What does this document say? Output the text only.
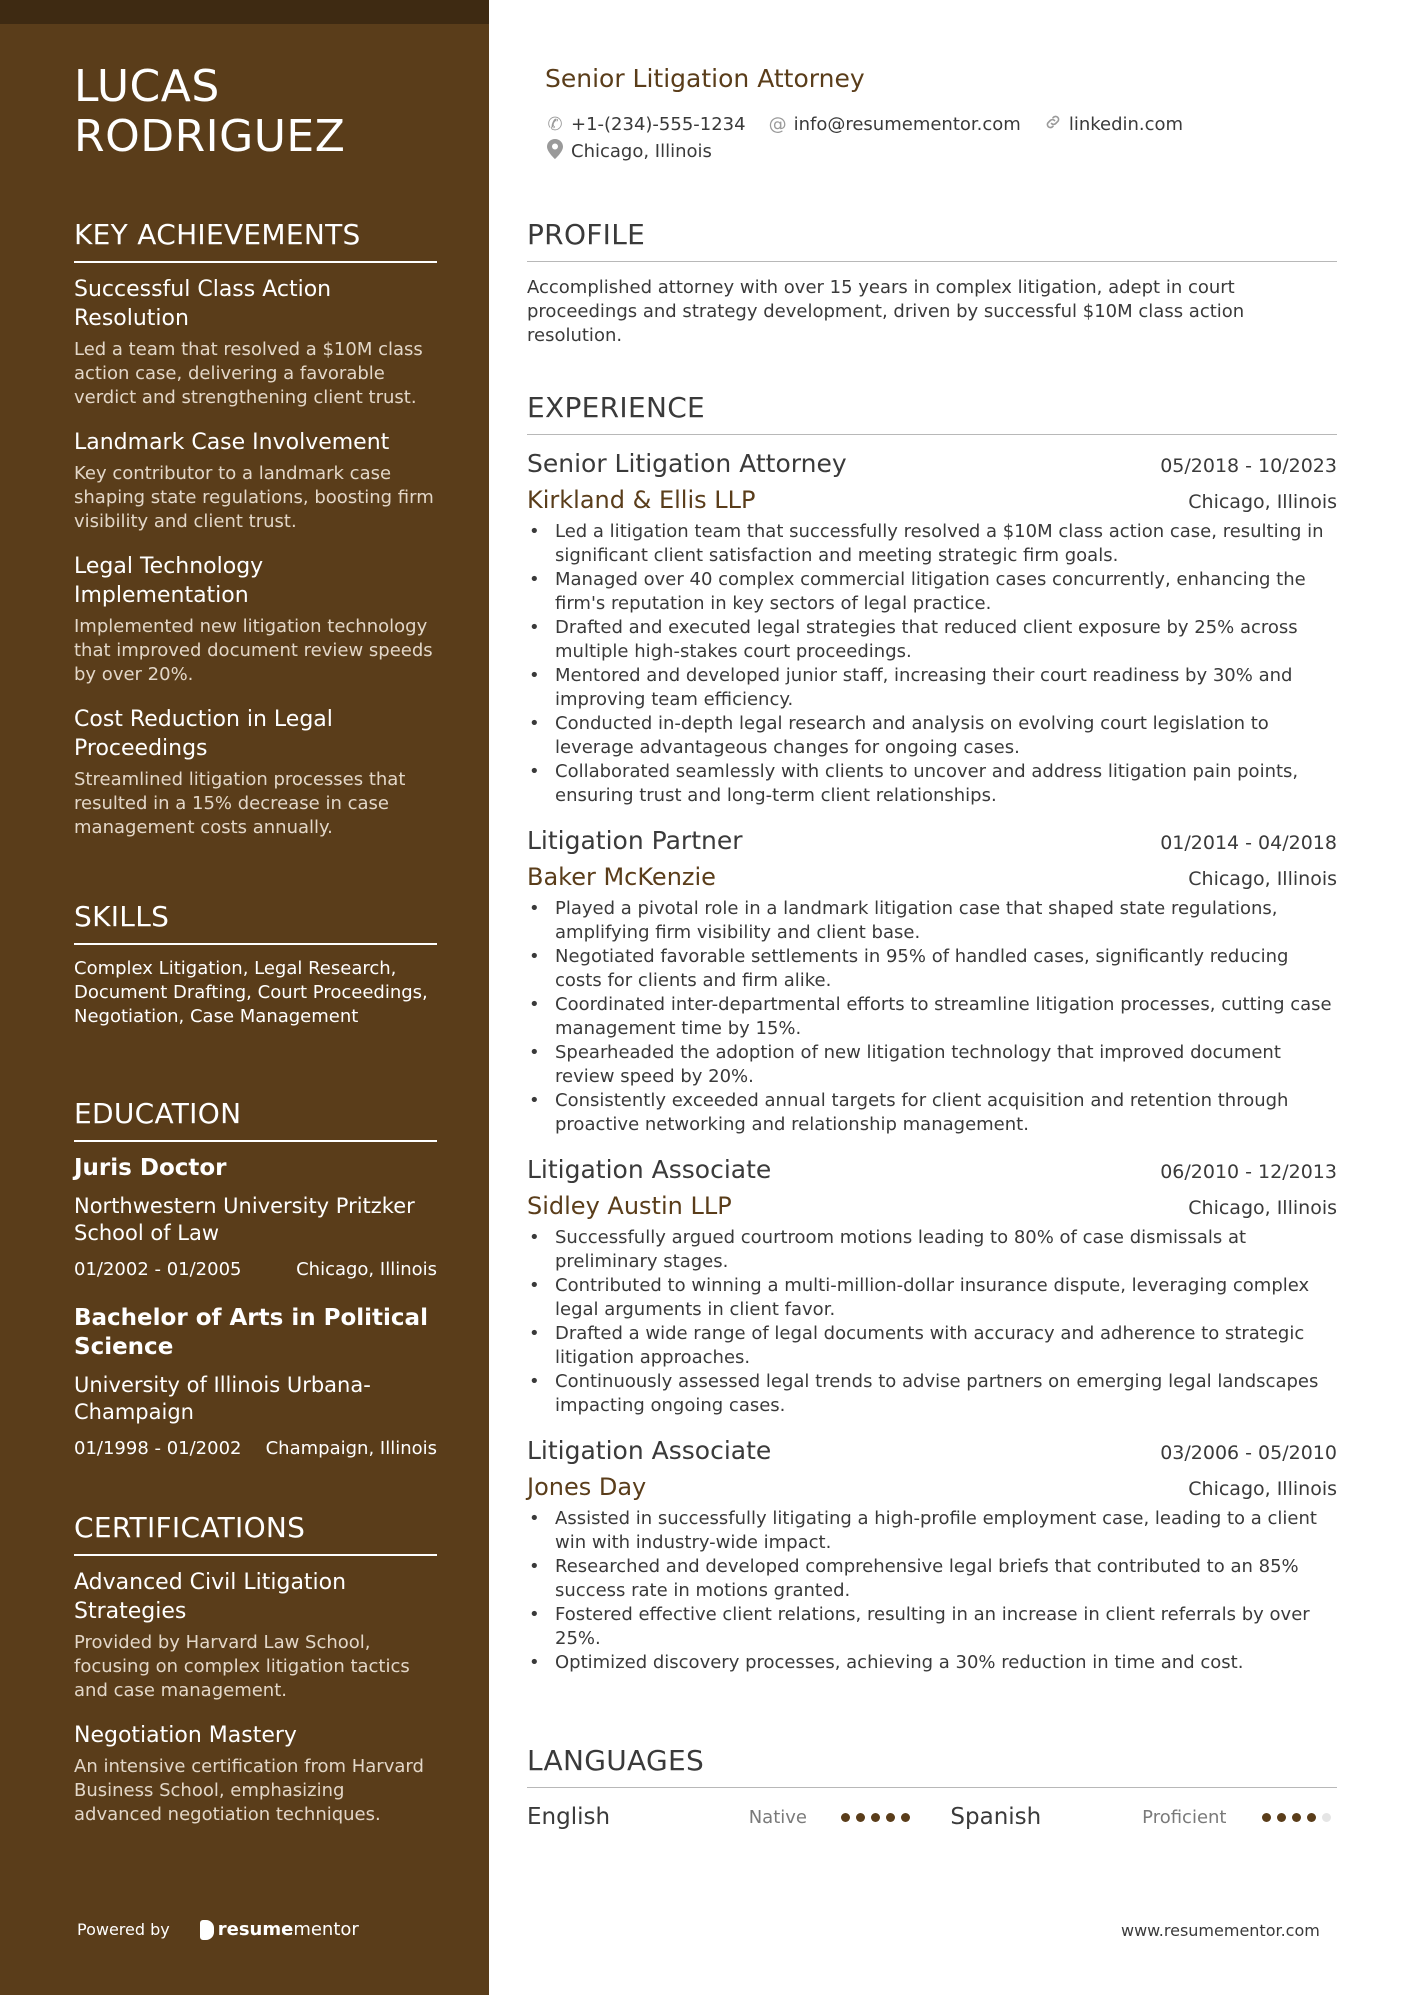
LUCAS
RODRIGUEZ
KEY ACHIEVEMENTS
Successful Class Action Resolution
Led a team that resolved a $10M class action case, delivering a favorable verdict and strengthening client trust.
Landmark Case Involvement
Key contributor to a landmark case shaping state regulations, boosting firm visibility and client trust.
Legal Technology Implementation
Implemented new litigation technology that improved document review speeds by over 20%.
Cost Reduction in Legal Proceedings
Streamlined litigation processes that resulted in a 15% decrease in case management costs annually.
SKILLS
Complex Litigation, Legal Research, Document Drafting, Court Proceedings, Negotiation, Case Management
EDUCATION
Juris Doctor
Northwestern University Pritzker School of Law
01/2002 - 01/2005	Chicago, Illinois
Bachelor of Arts in Political Science
University of Illinois Urbana-Champaign
01/1998 - 01/2002 Champaign, Illinois
CERTIFICATIONS
Advanced Civil Litigation Strategies
Provided by Harvard Law School, focusing on complex litigation tactics and case management.
Negotiation Mastery
An intensive certification from Harvard Business School, emphasizing advanced negotiation techniques.
Powered by	resume mentor
Senior Litigation Attorney
✆ +1-(234)-555-1234 @ info@resumementor.com	linkedin.com
Chicago, Illinois
PROFILE
Accomplished attorney with over 15 years in complex litigation, adept in court proceedings and strategy development, driven by successful $10M class action resolution.
EXPERIENCE
Senior Litigation Attorney	05/2018 - 10/2023
Kirkland & Ellis LLP	Chicago, Illinois
• Led a litigation team that successfully resolved a $10M class action case, resulting in significant client satisfaction and meeting strategic firm goals.
• Managed over 40 complex commercial litigation cases concurrently, enhancing the firm's reputation in key sectors of legal practice.
• Drafted and executed legal strategies that reduced client exposure by 25% across multiple high-stakes court proceedings.
• Mentored and developed junior staff, increasing their court readiness by 30% and improving team efficiency.
• Conducted in-depth legal research and analysis on evolving court legislation to leverage advantageous changes for ongoing cases.
• Collaborated seamlessly with clients to uncover and address litigation pain points, ensuring trust and long-term client relationships.
Litigation Partner	01/2014 - 04/2018
Baker McKenzie	Chicago, Illinois
• Played a pivotal role in a landmark litigation case that shaped state regulations, amplifying firm visibility and client base.
• Negotiated favorable settlements in 95% of handled cases, significantly reducing costs for clients and firm alike.
• Coordinated inter-departmental efforts to streamline litigation processes, cutting case management time by 15%.
• Spearheaded the adoption of new litigation technology that improved document review speed by 20%.
• Consistently exceeded annual targets for client acquisition and retention through proactive networking and relationship management.
Litigation Associate	06/2010 - 12/2013
Sidley Austin LLP	Chicago, Illinois
• Successfully argued courtroom motions leading to 80% of case dismissals at preliminary stages.
• Contributed to winning a multi-million-dollar insurance dispute, leveraging complex legal arguments in client favor.
• Drafted a wide range of legal documents with accuracy and adherence to strategic litigation approaches.
• Continuously assessed legal trends to advise partners on emerging legal landscapes impacting ongoing cases.
Litigation Associate	03/2006 - 05/2010
Jones Day	Chicago, Illinois
• Assisted in successfully litigating a high-profile employment case, leading to a client win with industry-wide impact.
• Researched and developed comprehensive legal briefs that contributed to an 85% success rate in motions granted.
• Fostered effective client relations, resulting in an increase in client referrals by over 25%.
• Optimized discovery processes, achieving a 30% reduction in time and cost.
LANGUAGES
English	Native	Spanish	Proficient
www.resumementor.com
